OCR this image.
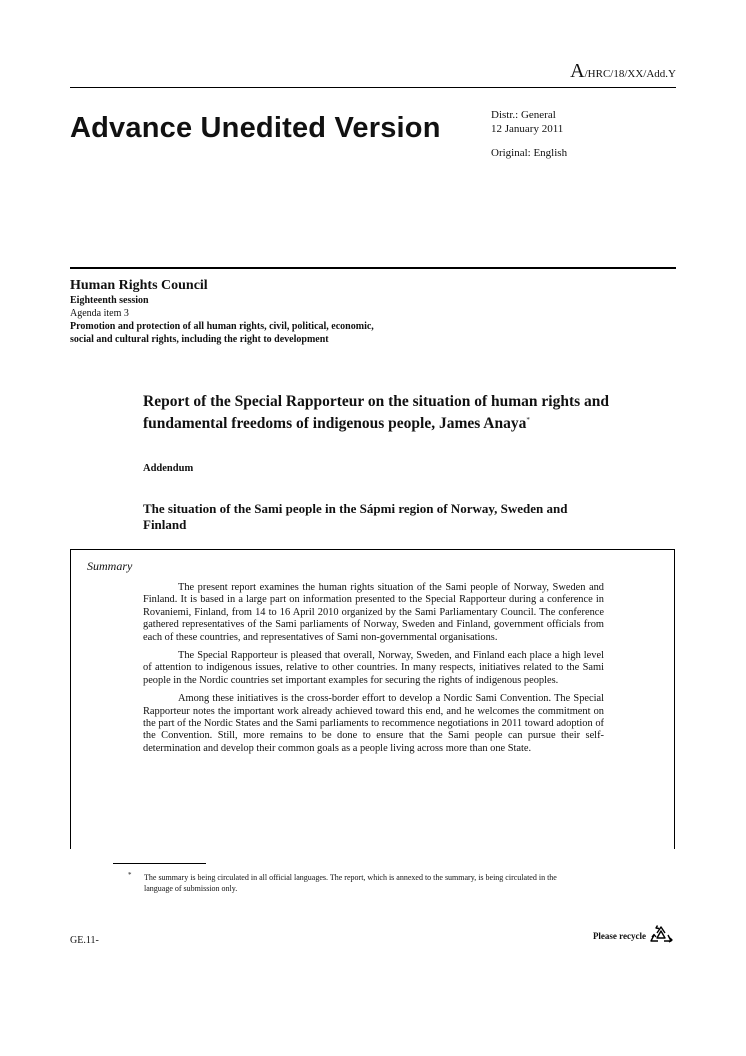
A/HRC/18/XX/Add.Y
Advance Unedited Version	Distr.: General
12 January 2011
Original: English
Human Rights Council
Eighteenth session
Agenda item 3
Promotion and protection of all human rights, civil, political, economic, social and cultural rights, including the right to development
Report of the Special Rapporteur on the situation of human rights and fundamental freedoms of indigenous people, James Anaya*
Addendum
The situation of the Sami people in the Sápmi region of Norway, Sweden and Finland
Summary

The present report examines the human rights situation of the Sami people of Norway, Sweden and Finland. It is based in a large part on information presented to the Special Rapporteur during a conference in Rovaniemi, Finland, from 14 to 16 April 2010 organized by the Sami Parliamentary Council. The conference gathered representatives of the Sami parliaments of Norway, Sweden and Finland, government officials from each of these countries, and representatives of Sami non-governmental organisations.

The Special Rapporteur is pleased that overall, Norway, Sweden, and Finland each place a high level of attention to indigenous issues, relative to other countries. In many respects, initiatives related to the Sami people in the Nordic countries set important examples for securing the rights of indigenous peoples.

Among these initiatives is the cross-border effort to develop a Nordic Sami Convention. The Special Rapporteur notes the important work already achieved toward this end, and he welcomes the commitment on the part of the Nordic States and the Sami parliaments to recommence negotiations in 2011 toward adoption of the Convention. Still, more remains to be done to ensure that the Sami people can pursue their self-determination and develop their common goals as a people living across more than one State.

*	The summary is being circulated in all official languages. The report, which is annexed to the summary, is being circulated in the language of submission only.
GE.11-	Please recycle
